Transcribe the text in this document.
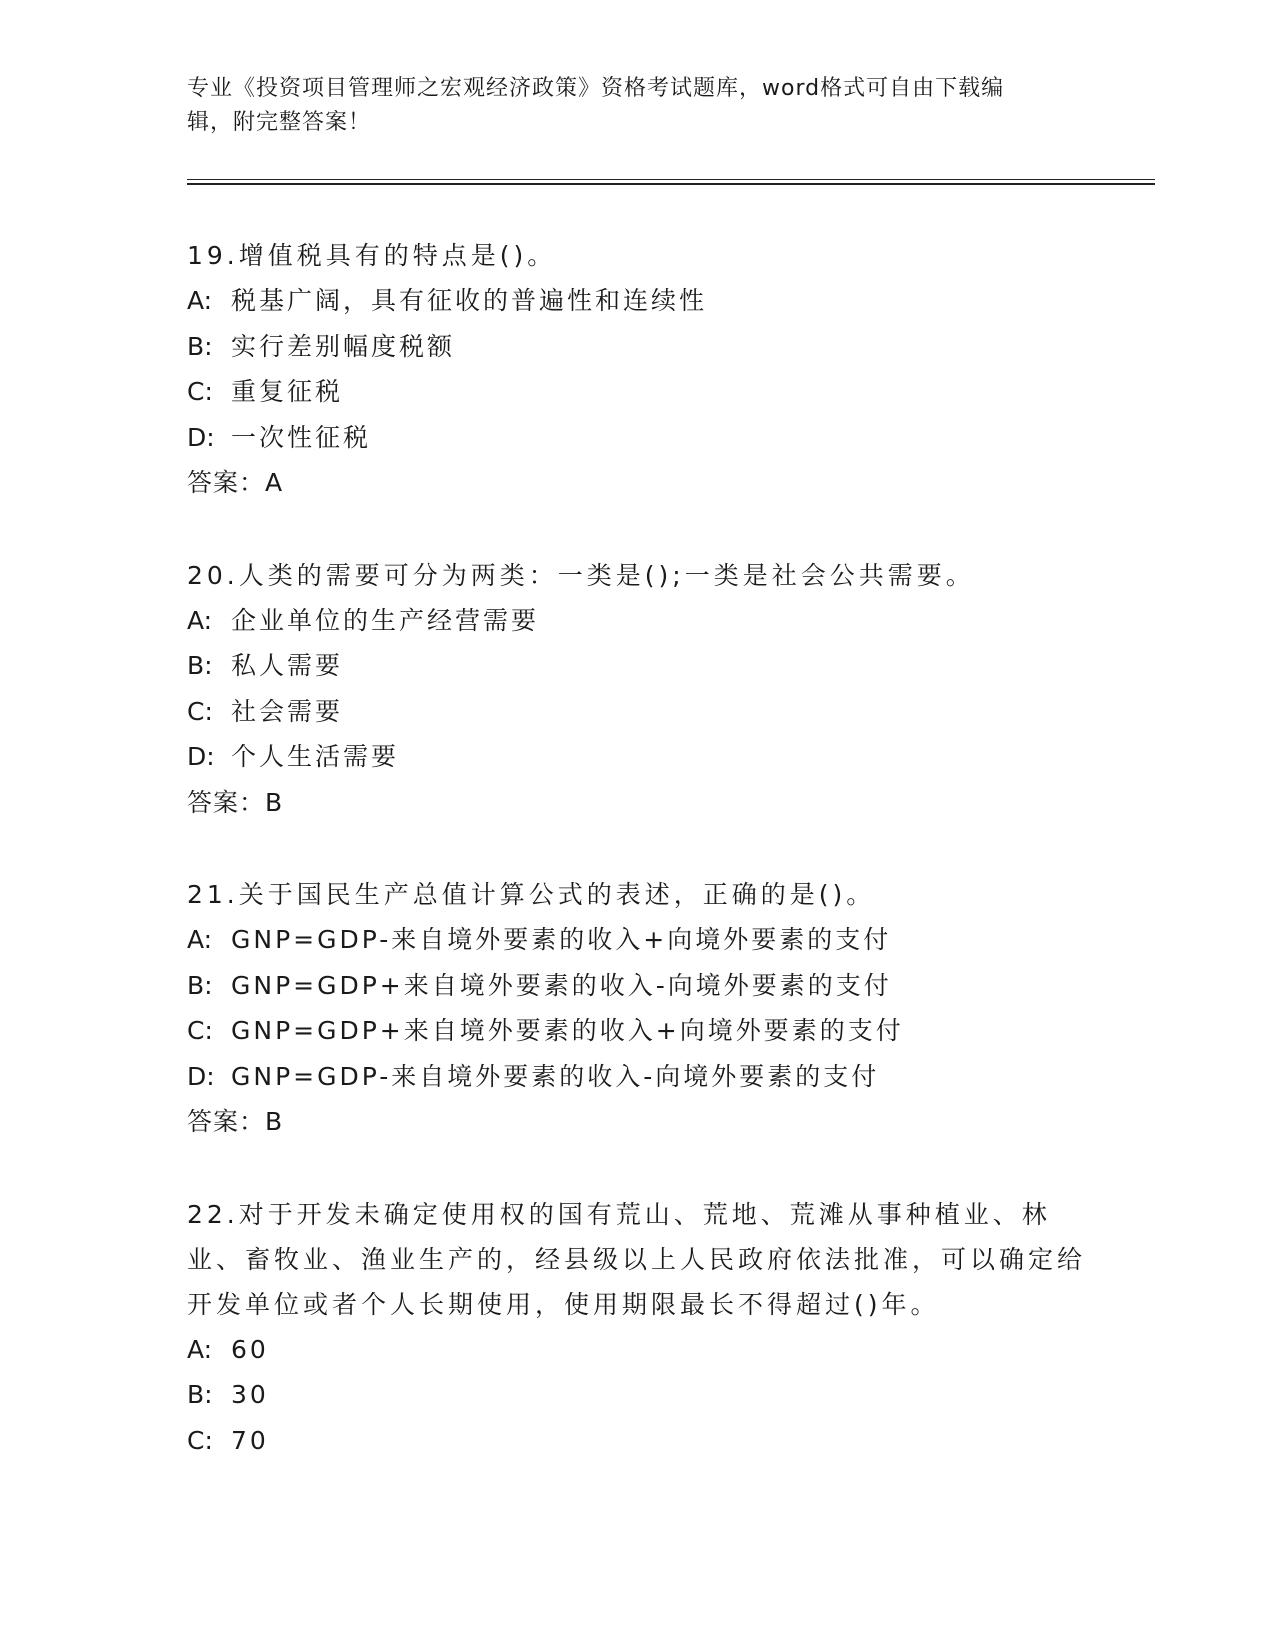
专业《投资项目管理师之宏观经济政策》资格考试题库，word格式可自由下载编
辑，附完整答案！

19.增值税具有的特点是()。

A: 税基广阔，具有征收的普遍性和连续性

B: 实行差别幅度税额

C: 重复征税

D: 一次性征税

答案：A

20.人类的需要可分为两类：一类是();一类是社会公共需要。

A: 企业单位的生产经营需要

B: 私人需要

C: 社会需要

D: 个人生活需要

答案：B

21.关于国民生产总值计算公式的表述，正确的是()。

A: GNP=GDP-来自境外要素的收入+向境外要素的支付

B: GNP=GDP+来自境外要素的收入-向境外要素的支付

C: GNP=GDP+来自境外要素的收入+向境外要素的支付

D: GNP=GDP-来自境外要素的收入-向境外要素的支付

答案：B

22.对于开发未确定使用权的国有荒山、荒地、荒滩从事种植业、林业、畜牧业、渔业生产的，经县级以上人民政府依法批准，可以确定给开发单位或者个人长期使用，使用期限最长不得超过()年。

A: 60

B: 30

C: 70
